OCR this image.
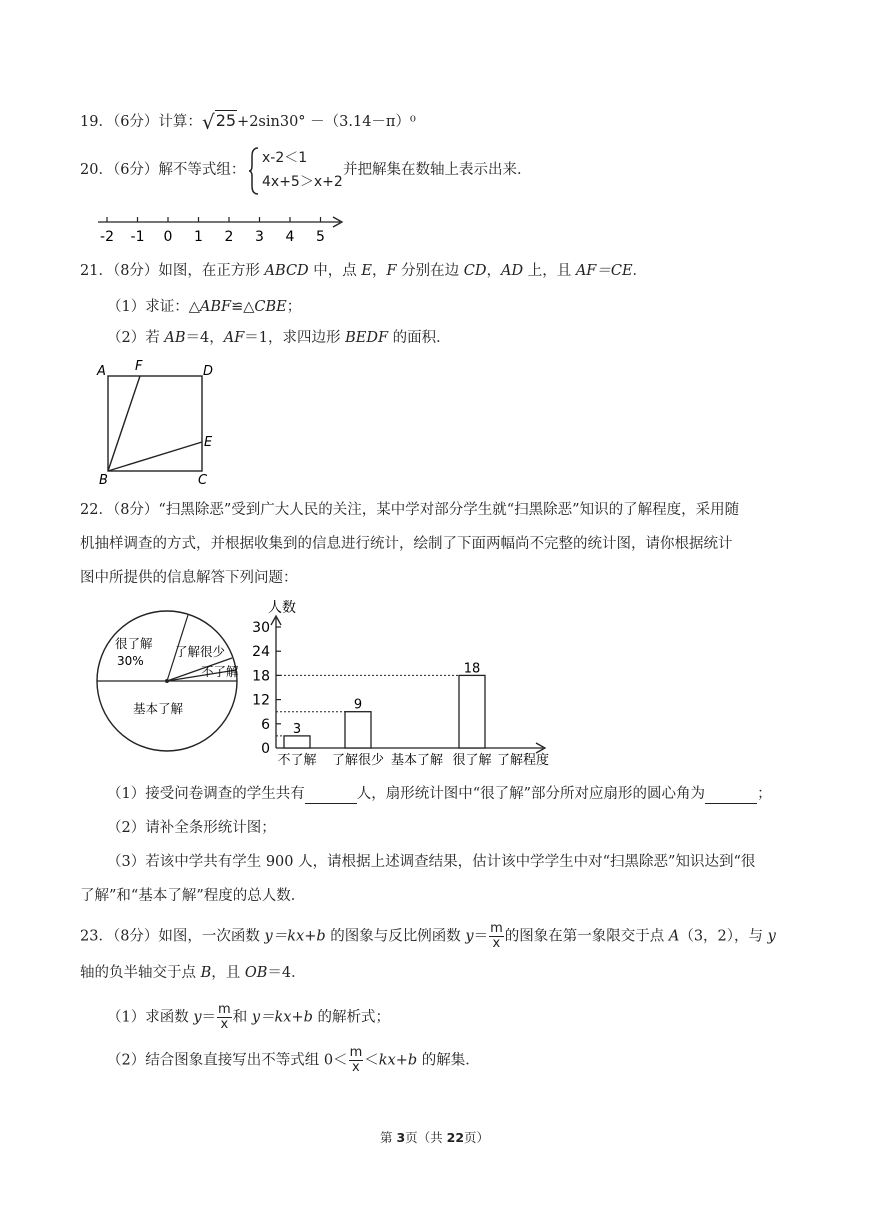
19．（6分）计算：√25+2sin30° －（3.14－π）⁰
20．（6分）解不等式组：
x-2＜1
4x+5＞x+2
并把解集在数轴上表示出来．
-2 -1 0 1 2 3 4 5
21．（8分）如图，在正方形 ABCD 中，点 E，F 分别在边 CD，AD 上，且 AF＝CE．
（1）求证：△ABF≌△CBE；
（2）若 AB＝4，AF＝1，求四边形 BEDF 的面积．
A F	D
E
B	C
22．（8分）“扫黑除恶”受到广大人民的关注，某中学对部分学生就“扫黑除恶”知识的了解程度，采用随
机抽样调查的方式，并根据收集到的信息进行统计，绘制了下面两幅尚不完整的统计图，请你根据统计
图中所提供的信息解答下列问题：
很了解
30%
了解很少
不了解
基本了解
人数
了解程度
0
6
12
18
24
30
不了解
3
了解很少
9
基本了解 很了解
18
（1）接受问卷调查的学生共有	人，扇形统计图中“很了解”部分所对应扇形的圆心角为	；
（2）请补全条形统计图；
（3）若该中学共有学生 900 人，请根据上述调查结果，估计该中学学生中对“扫黑除恶”知识达到“很
了解”和“基本了解”程度的总人数．
23．（8分）如图，一次函数 y＝kx+b 的图象与反比例函数 $y= \frac{m}{x}$ 的图象在第一象限交于点 A（3，2），与 y
轴的负半轴交于点 B，且 OB＝4．
（1）求函数 $y= \frac{m}{x}$ 和 y＝kx+b 的解析式；
（2）结合图象直接写出不等式组 $0< \frac{m}{x} <kx+b$ 的解集．
第 3页（共 22页）
